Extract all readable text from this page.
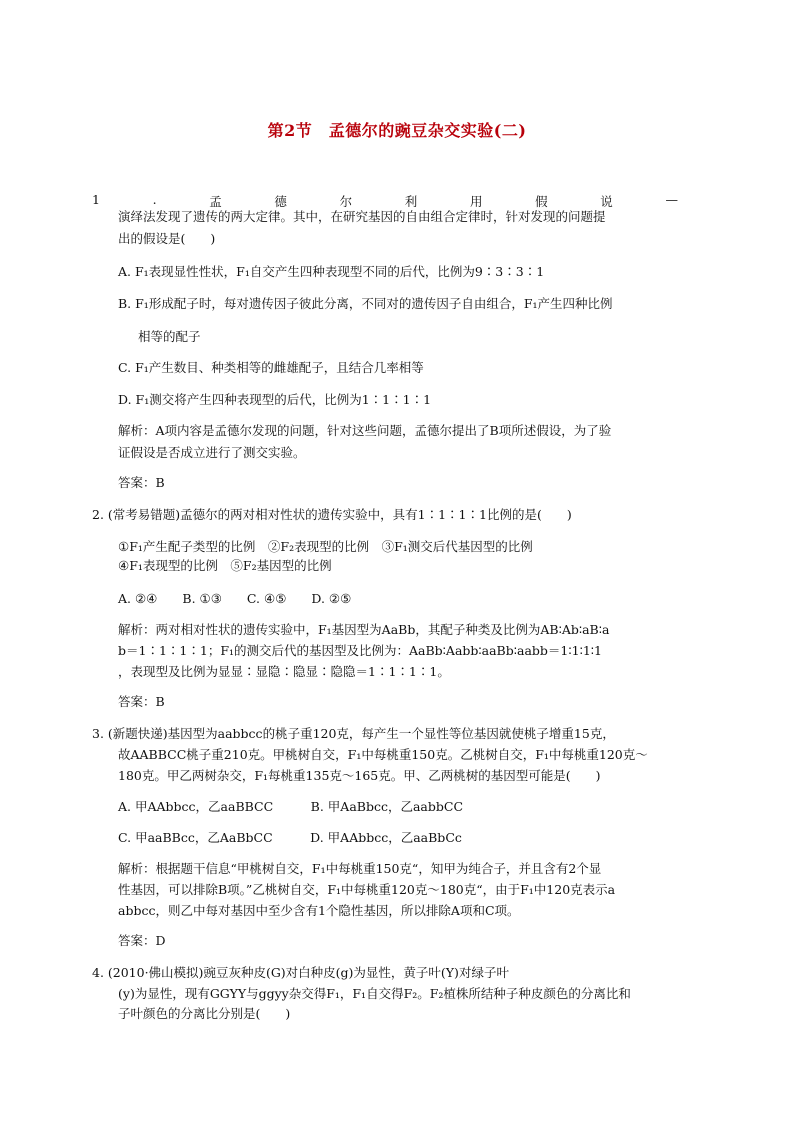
第2节　孟德尔的豌豆杂交实验(二)
1	.	孟	德	尔	利	用	假	说	—
演绎法发现了遗传的两大定律。其中，在研究基因的自由组合定律时，针对发现的问题提
出的假设是(　　)
A. F₁表现显性性状，F₁自交产生四种表现型不同的后代，比例为9∶3∶3∶1
B. F₁形成配子时，每对遗传因子彼此分离，不同对的遗传因子自由组合，F₁产生四种比例
相等的配子
C. F₁产生数目、种类相等的雌雄配子，且结合几率相等
D. F₁测交将产生四种表现型的后代，比例为1∶1∶1∶1
解析：A项内容是孟德尔发现的问题，针对这些问题，孟德尔提出了B项所述假设，为了验
证假设是否成立进行了测交实验。
答案：B
2. (常考易错题)孟德尔的两对相对性状的遗传实验中，具有1∶1∶1∶1比例的是(　　)
①F₁产生配子类型的比例　②F₂表现型的比例　③F₁测交后代基因型的比例
④F₁表现型的比例　⑤F₂基因型的比例
A. ②④　　B. ①③　　C. ④⑤　　D. ②⑤
解析：两对相对性状的遗传实验中，F₁基因型为AaBb，其配子种类及比例为AB∶Ab∶aB∶a
b＝1∶1∶1∶1；F₁的测交后代的基因型及比例为：AaBb∶Aabb∶aaBb∶aabb＝1∶1∶1∶1
，表现型及比例为显显∶显隐∶隐显∶隐隐＝1∶1∶1∶1。
答案：B
3. (新题快递)基因型为aabbcc的桃子重120克，每产生一个显性等位基因就使桃子增重15克，
故AABBCC桃子重210克。甲桃树自交，F₁中每桃重150克。乙桃树自交，F₁中每桃重120克～
180克。甲乙两树杂交，F₁每桃重135克～165克。甲、乙两桃树的基因型可能是(　　)
A. 甲AAbbcc，乙aaBBCC　　　B. 甲AaBbcc，乙aabbCC
C. 甲aaBBcc，乙AaBbCC　　　D. 甲AAbbcc，乙aaBbCc
解析：根据题干信息“甲桃树自交，F₁中每桃重150克“，知甲为纯合子，并且含有2个显
性基因，可以排除B项。”乙桃树自交，F₁中每桃重120克～180克“，由于F₁中120克表示a
abbcc，则乙中每对基因中至少含有1个隐性基因，所以排除A项和C项。
答案：D
4. (2010·佛山模拟)豌豆灰种皮(G)对白种皮(g)为显性，黄子叶(Y)对绿子叶
(y)为显性，现有GGYY与ggyy杂交得F₁，F₁自交得F₂。F₂植株所结种子种皮颜色的分离比和
子叶颜色的分离比分别是(　　)
